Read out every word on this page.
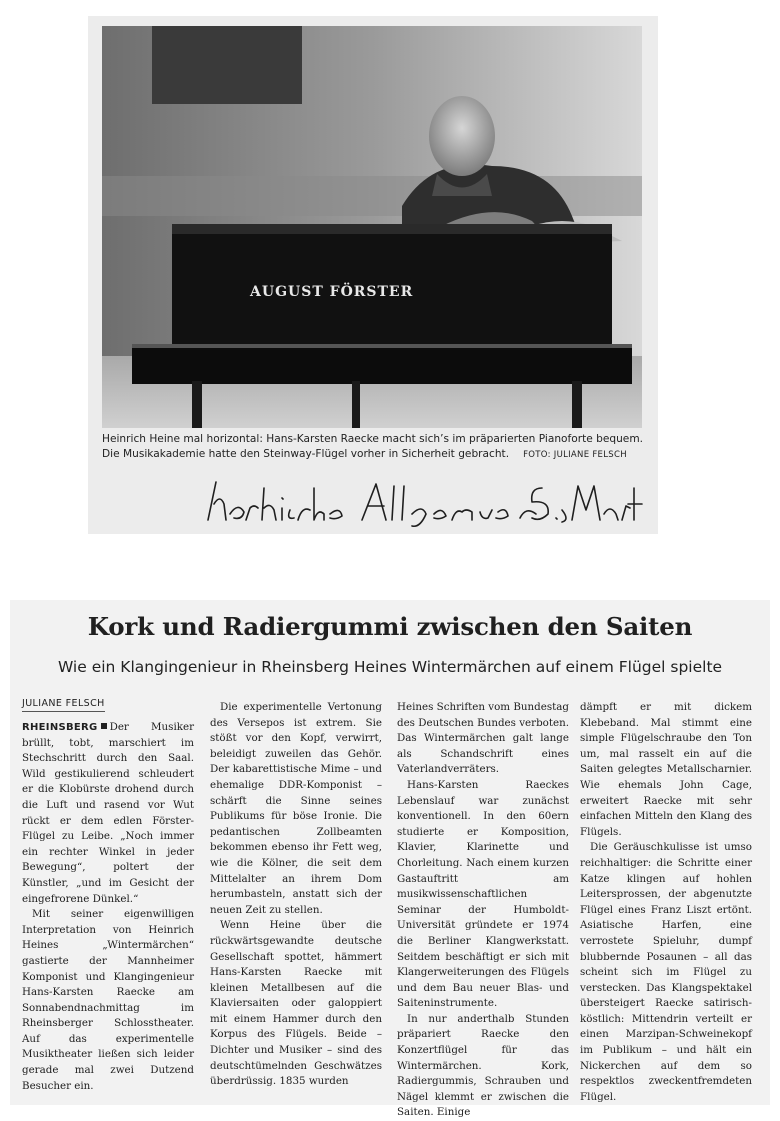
AUGUST FÖRSTER
Heinrich Heine mal horizontal: Hans-Karsten Raecke macht sich’s im präparierten Pianoforte bequem.
Die Musikakademie hatte den Steinway-Flügel vorher in Sicherheit gebracht. FOTO: JULIANE FELSCH
Kork und Radiergummi zwischen den Saiten
Wie ein Klangingenieur in Rheinsberg Heines Wintermärchen auf einem Flügel spielte
JULIANE FELSCH

RHEINSBERG Der Musiker brüllt, tobt, marschiert im Stechschritt durch den Saal. Wild gestikulierend schleudert er die Klobürste drohend durch die Luft und rasend vor Wut rückt er dem edlen Förster-Flügel zu Leibe. „Noch immer ein rechter Winkel in jeder Bewegung“, poltert der Künstler, „und im Gesicht der eingefrorene Dünkel.“

Mit seiner eigenwilligen Interpretation von Heinrich Heines „Wintermärchen“ gastierte der Mannheimer Komponist und Klangingenieur Hans-Karsten Raecke am Sonnabendnachmittag im Rheinsberger Schlosstheater. Auf das experimentelle Musiktheater ließen sich leider gerade mal zwei Dutzend Besucher ein.

Die experimentelle Vertonung des Versepos ist extrem. Sie stößt vor den Kopf, verwirrt, beleidigt zuweilen das Gehör. Der kabarettistische Mime – und ehemalige DDR-Komponist – schärft die Sinne seines Publikums für böse Ironie. Die pedantischen Zollbeamten bekommen ebenso ihr Fett weg, wie die Kölner, die seit dem Mittelalter an ihrem Dom herumbasteln, anstatt sich der neuen Zeit zu stellen.

Wenn Heine über die rückwärtsgewandte deutsche Gesellschaft spottet, hämmert Hans-Karsten Raecke mit kleinen Metallbesen auf die Klaviersaiten oder galoppiert mit einem Hammer durch den Korpus des Flügels. Beide – Dichter und Musiker – sind des deutschtümelnden Geschwätzes überdrüssig. 1835 wurden

Heines Schriften vom Bundestag des Deutschen Bundes verboten. Das Wintermärchen galt lange als Schandschrift eines Vaterlandverräters.

Hans-Karsten Raeckes Lebenslauf war zunächst konventionell. In den 60ern studierte er Komposition, Klavier, Klarinette und Chorleitung. Nach einem kurzen Gastauftritt am musikwissenschaftlichen Seminar der Humboldt-Universität gründete er 1974 die Berliner Klangwerkstatt. Seitdem beschäftigt er sich mit Klangerweiterungen des Flügels und dem Bau neuer Blas- und Saiteninstrumente.

In nur anderthalb Stunden präpariert Raecke den Konzertflügel für das Wintermärchen. Kork, Radiergummis, Schrauben und Nägel klemmt er zwischen die Saiten. Einige

dämpft er mit dickem Klebeband. Mal stimmt eine simple Flügelschraube den Ton um, mal rasselt ein auf die Saiten gelegtes Metallscharnier. Wie ehemals John Cage, erweitert Raecke mit sehr einfachen Mitteln den Klang des Flügels.

Die Geräuschkulisse ist umso reichhaltiger: die Schritte einer Katze klingen auf hohlen Leitersprossen, der abgenutzte Flügel eines Franz Liszt ertönt. Asiatische Harfen, eine verrostete Spieluhr, dumpf blubbernde Posaunen – all das scheint sich im Flügel zu verstecken. Das Klangspektakel übersteigert Raecke satirisch-köstlich: Mittendrin verteilt er einen Marzipan-Schweinekopf im Publikum – und hält ein Nickerchen auf dem so respektlos zweckentfremdeten Flügel.
